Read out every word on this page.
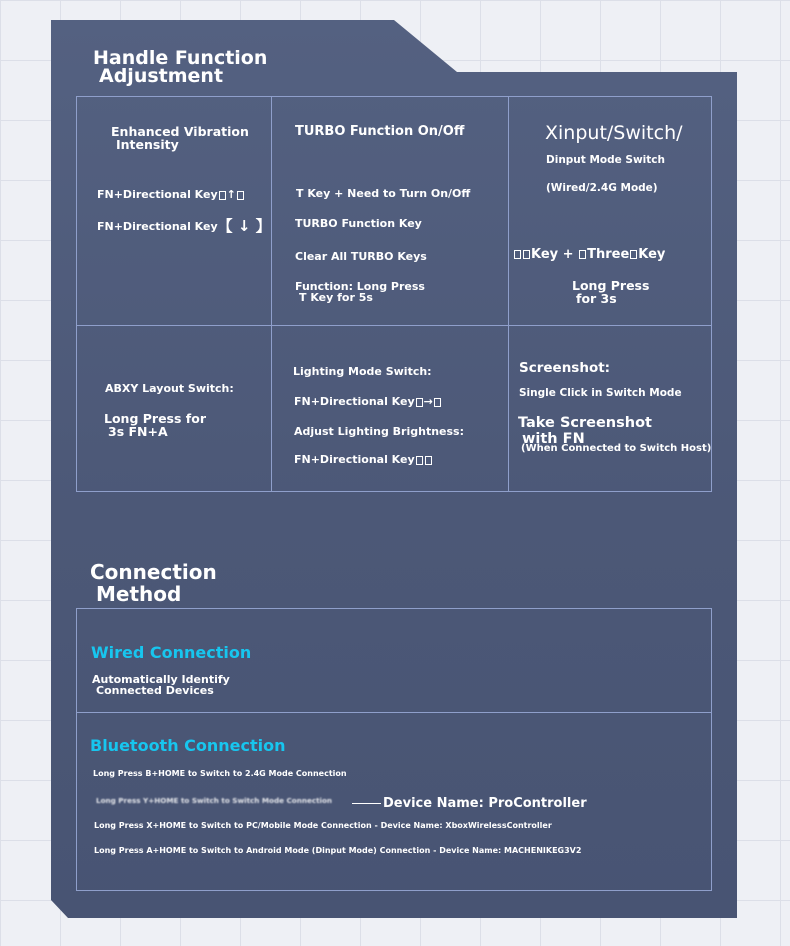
Handle Function
Adjustment
Enhanced Vibration
Intensity
FN+Directional Key ↑
FN+Directional Key【 ↓ 】
TURBO Function On/Off
T Key + Need to Turn On/Off
TURBO Function Key
Clear All TURBO Keys
Function: Long Press
T Key for 5s
Xinput/Switch/
Dinput Mode Switch
(Wired/2.4G Mode)
Key + Three Key
Long Press
for 3s
ABXY Layout Switch:
Long Press for
3s FN+A
Lighting Mode Switch:
FN+Directional Key →
Adjust Lighting Brightness:
FN+Directional Key
Screenshot:
Single Click in Switch Mode
Take Screenshot
with FN
(When Connected to Switch Host)
Connection
Method
Wired Connection
Automatically Identify
Connected Devices
Bluetooth Connection
Long Press B+HOME to Switch to 2.4G Mode Connection
Long Press Y+HOME to Switch to Switch Mode Connection	Device Name: ProController
Long Press X+HOME to Switch to PC/Mobile Mode Connection - Device Name: XboxWirelessController
Long Press A+HOME to Switch to Android Mode (Dinput Mode) Connection - Device Name: MACHENIKEG3V2
